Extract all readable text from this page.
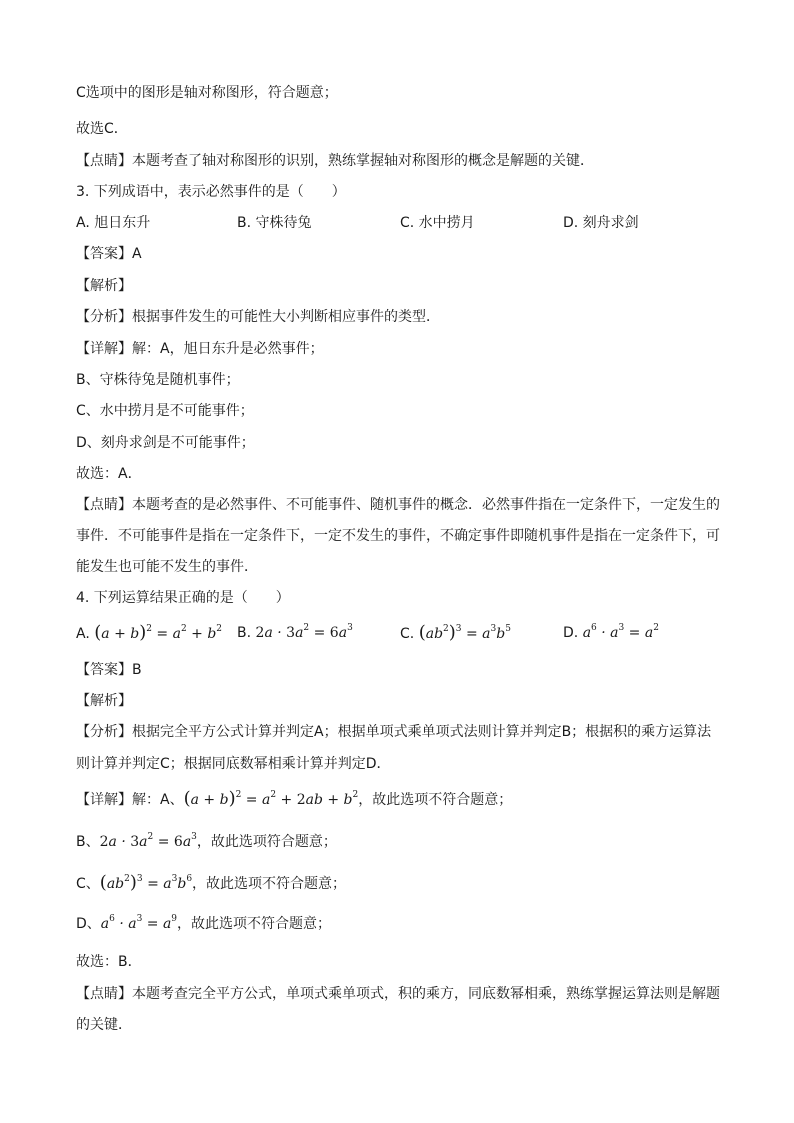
C选项中的图形是轴对称图形，符合题意；
故选C．
【点睛】本题考查了轴对称图形的识别，熟练掌握轴对称图形的概念是解题的关键．
3. 下列成语中，表示必然事件的是（　　）
A. 旭日东升	B. 守株待兔	C. 水中捞月	D. 刻舟求剑
【答案】A
【解析】
【分析】根据事件发生的可能性大小判断相应事件的类型．
【详解】解：A，旭日东升是必然事件；
B、守株待兔是随机事件；
C、水中捞月是不可能事件；
D、刻舟求剑是不可能事件；
故选：A．
【点睛】本题考查的是必然事件、不可能事件、随机事件的概念．必然事件指在一定条件下，一定发生的
事件．不可能事件是指在一定条件下，一定不发生的事件，不确定事件即随机事件是指在一定条件下，可
能发生也可能不发生的事件．
4. 下列运算结果正确的是（　　）
A. $(a + b)^2 = a^2 + b^2$ B. $2a \cdot 3a^2 = 6a^3$	C. $(ab^2)^3 = a^3b^5$	D. $a^6 \cdot a^3 = a^2$
【答案】B
【解析】
【分析】根据完全平方公式计算并判定A；根据单项式乘单项式法则计算并判定B；根据积的乘方运算法
则计算并判定C；根据同底数幂相乘计算并判定D．
【详解】解：A、$(a + b)^2 = a^2 + 2ab + b^2$，故此选项不符合题意；
B、$2a \cdot 3a^2 = 6a^3$，故此选项符合题意；
C、$(ab^2)^3 = a^3b^6$，故此选项不符合题意；
D、$a^6 \cdot a^3 = a^9$，故此选项不符合题意；
故选：B．
【点睛】本题考查完全平方公式，单项式乘单项式，积的乘方，同底数幂相乘，熟练掌握运算法则是解题
的关键．
